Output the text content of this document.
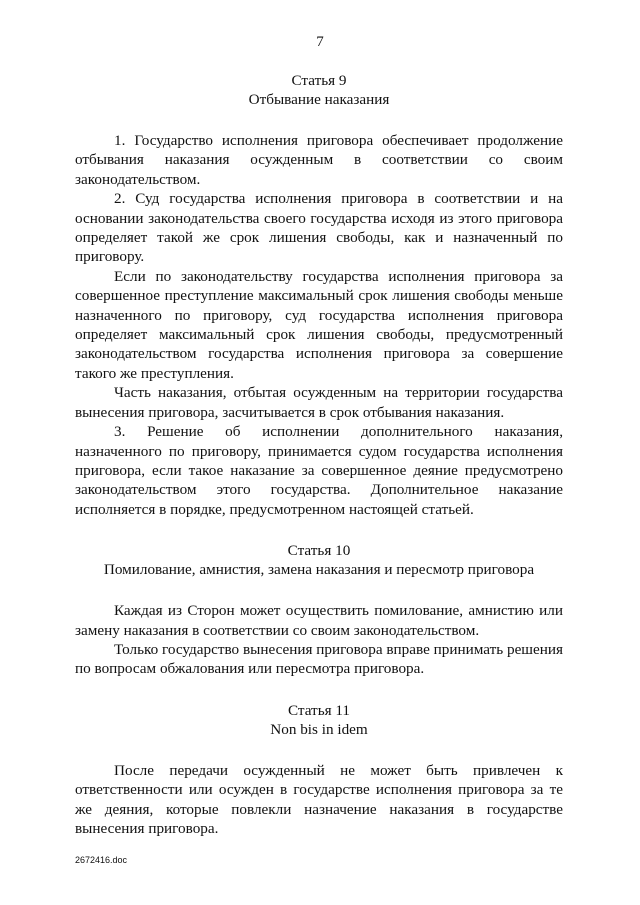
7
Статья 9
Отбывание наказания

1. Государство исполнения приговора обеспечивает продолжение отбывания наказания осужденным в соответствии со своим законодательством.

2. Суд государства исполнения приговора в соответствии и на основании законодательства своего государства исходя из этого приговора определяет такой же срок лишения свободы, как и назначенный по приговору.

Если по законодательству государства исполнения приговора за совершенное преступление максимальный срок лишения свободы меньше назначенного по приговору, суд государства исполнения приговора определяет максимальный срок лишения свободы, предусмотренный законодательством государства исполнения приговора за совершение такого же преступления.

Часть наказания, отбытая осужденным на территории государства вынесения приговора, засчитывается в срок отбывания наказания.

3. Решение об исполнении дополнительного наказания, назначенного по приговору, принимается судом государства исполнения приговора, если такое наказание за совершенное деяние предусмотрено законодательством этого государства. Дополнительное наказание исполняется в порядке, предусмотренном настоящей статьей.

Статья 10
Помилование, амнистия, замена наказания и пересмотр приговора

Каждая из Сторон может осуществить помилование, амнистию или замену наказания в соответствии со своим законодательством.

Только государство вынесения приговора вправе принимать решения по вопросам обжалования или пересмотра приговора.

Статья 11
Non bis in idem

После передачи осужденный не может быть привлечен к ответственности или осужден в государстве исполнения приговора за те же деяния, которые повлекли назначение наказания в государстве вынесения приговора.

2672416.doc
